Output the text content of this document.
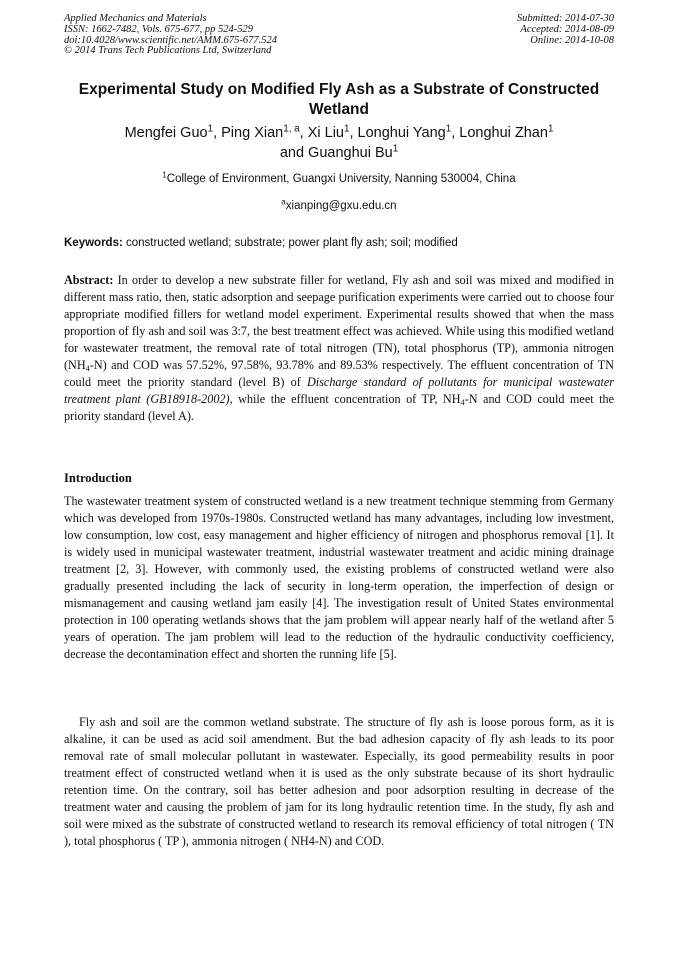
Applied Mechanics and Materials
ISSN: 1662-7482, Vols. 675-677, pp 524-529
doi:10.4028/www.scientific.net/AMM.675-677.524
© 2014 Trans Tech Publications Ltd, Switzerland
Submitted: 2014-07-30
Accepted: 2014-08-09
Online: 2014-10-08
Experimental Study on Modified Fly Ash as a Substrate of Constructed Wetland
Mengfei Guo$^1$, Ping Xian$^{1, a}$, Xi Liu$^1$, Longhui Yang$^1$, Longhui Zhan$^1$
and Guanghui Bu$^1$
$^1$College of Environment, Guangxi University, Nanning 530004, China
$^a$xianping@gxu.edu.cn
Keywords: constructed wetland; substrate; power plant fly ash; soil; modified
Abstract: In order to develop a new substrate filler for wetland, Fly ash and soil was mixed and modified in different mass ratio, then, static adsorption and seepage purification experiments were carried out to choose four appropriate modified fillers for wetland model experiment. Experimental results showed that when the mass proportion of fly ash and soil was 3:7, the best treatment effect was achieved. While using this modified wetland for wastewater treatment, the removal rate of total nitrogen (TN), total phosphorus (TP), ammonia nitrogen $(NH_4-N)$ and COD was 57.52%, 97.58%, 93.78% and 89.53% respectively. The effluent concentration of TN could meet the priority standard (level B) of Discharge standard of pollutants for municipal wastewater treatment plant (GB18918-2002), while the effluent concentration of TP, $NH_4-N$ and COD could meet the priority standard (level A).
Introduction
The wastewater treatment system of constructed wetland is a new treatment technique stemming from Germany which was developed from 1970s-1980s. Constructed wetland has many advantages, including low investment, low consumption, low cost, easy management and higher efficiency of nitrogen and phosphorus removal [1]. It is widely used in municipal wastewater treatment, industrial wastewater treatment and acidic mining drainage treatment [2, 3]. However, with commonly used, the existing problems of constructed wetland were also gradually presented including the lack of security in long-term operation, the imperfection of design or mismanagement and causing wetland jam easily [4]. The investigation result of United States environmental protection in 100 operating wetlands shows that the jam problem will appear nearly half of the wetland after 5 years of operation. The jam problem will lead to the reduction of the hydraulic conductivity coefficiency, decrease the decontamination effect and shorten the running life [5].
Fly ash and soil are the common wetland substrate. The structure of fly ash is loose porous form, as it is alkaline, it can be used as acid soil amendment. But the bad adhesion capacity of fly ash leads to its poor removal rate of small molecular pollutant in wastewater. Especially, its good permeability results in poor treatment effect of constructed wetland when it is used as the only substrate because of its short hydraulic retention time. On the contrary, soil has better adhesion and poor adsorption resulting in decrease of the treatment water and causing the problem of jam for its long hydraulic retention time. In the study, fly ash and soil were mixed as the substrate of constructed wetland to research its removal efficiency of total nitrogen ( TN ), total phosphorus ( TP ), ammonia nitrogen ( NH4-N) and COD.
